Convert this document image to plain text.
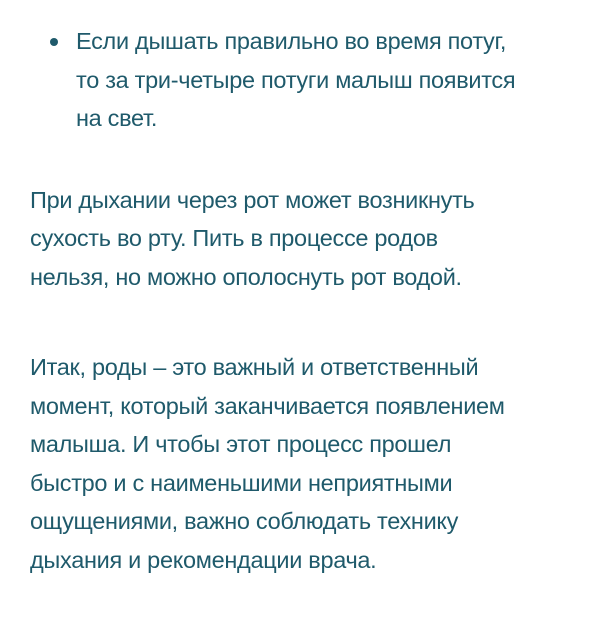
Если дышать правильно во время потуг,
то за три-четыре потуги малыш появится
на свет.

При дыхании через рот может возникнуть
сухость во рту. Пить в процессе родов
нельзя, но можно ополоснуть рот водой.

Итак, роды – это важный и ответственный
момент, который заканчивается появлением
малыша. И чтобы этот процесс прошел
быстро и с наименьшими неприятными
ощущениями, важно соблюдать технику
дыхания и рекомендации врача.
